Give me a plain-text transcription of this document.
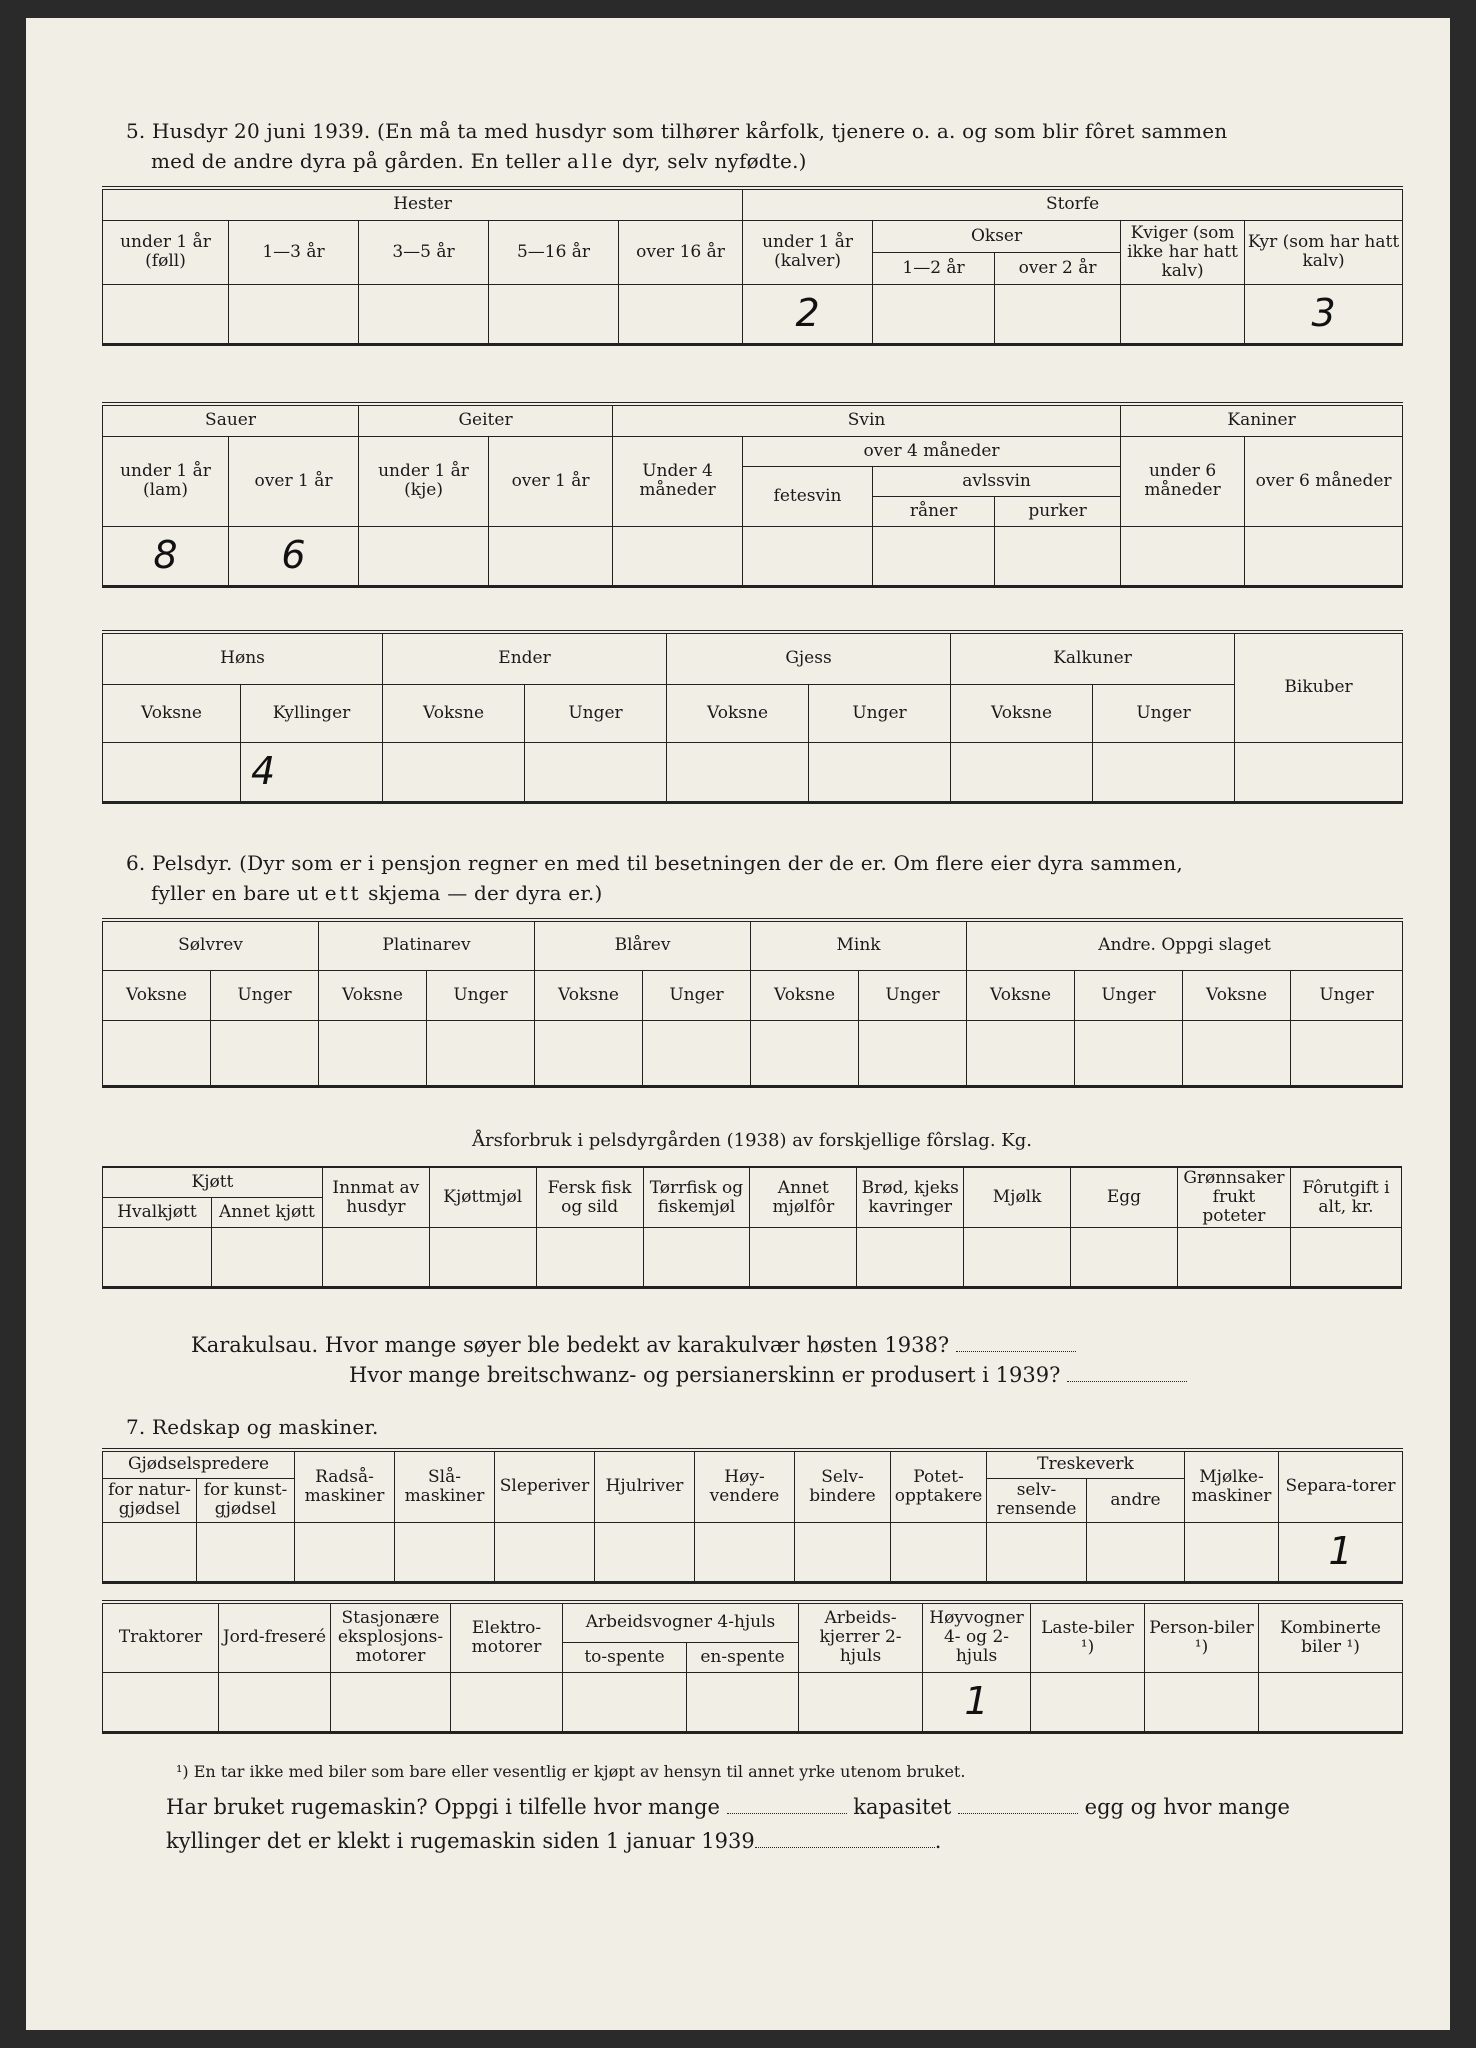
5. Husdyr 20 juni 1939. (En må ta med husdyr som tilhører kårfolk, tjenere o. a. og som blir fôret sammen
med de andre dyra på gården. En teller alle dyr, selv nyfødte.)
Hester					Storfe				
under 1 år (føll)	1—3 år	3—5 år	5—16 år	over 16 år	under 1 år (kalver)	Okser		Kviger (som ikke har hatt kalv)	Kyr (som har hatt kalv)
						1—2 år	over 2 år		
					2				3
Sauer		Geiter		Svin				Kaniner	
under 1 år (lam)	over 1 år	under 1 år (kje)	over 1 år	Under 4 måneder	over 4 måneder			under 6 måneder	over 6 måneder
					fetesvin	avlssvin			
						råner	purker		
8	6								
Høns		Ender		Gjess		Kalkuner		Bikuber
Voksne	Kyllinger	Voksne	Unger	Voksne	Unger	Voksne	Unger	
	4							
6. Pelsdyr. (Dyr som er i pensjon regner en med til besetningen der de er. Om flere eier dyra sammen,
fyller en bare ut ett skjema — der dyra er.)
Sølvrev		Platinarev		Blårev		Mink		Andre. Oppgi slaget			
Voksne	Unger	Voksne	Unger	Voksne	Unger	Voksne	Unger	Voksne	Unger	Voksne	Unger

Årsforbruk i pelsdyrgården (1938) av forskjellige fôrslag. Kg.
Kjøtt		Innmat av husdyr	Kjøttmjøl	Fersk fisk og sild	Tørrfisk og fiskemjøl	Annet mjølfôr	Brød, kjeks kavringer	Mjølk	Egg	Grønnsaker frukt poteter	Fôrutgift i alt, kr.
Hvalkjøtt	Annet kjøtt										

Karakulsau. Hvor mange søyer ble bedekt av karakulvær høsten 1938?
Hvor mange breitschwanz- og persianerskinn er produsert i 1939?
7. Redskap og maskiner.
Gjødselspredere		Radså-maskiner	Slå-maskiner	Sleperiver	Hjulriver	Høy-vendere	Selv-bindere	Potet-opptakere	Treskeverk		Mjølke-maskiner	Separa-torer
for natur-gjødsel	for kunst-gjødsel								selv-rensende	andre		
												1
Traktorer	Jord-freseré	Stasjonære eksplosjons-motorer	Elektro-motorer	Arbeidsvogner 4-hjuls		Arbeids-kjerrer 2-hjuls	Høyvogner 4- og 2-hjuls	Laste-biler ¹)	Person-biler ¹)	Kombinerte biler ¹)
				to-spente	en-spente					
							1			
¹) En tar ikke med biler som bare eller vesentlig er kjøpt av hensyn til annet yrke utenom bruket.
Har bruket rugemaskin? Oppgi i tilfelle hvor mange	kapasitet	egg og hvor mange
kyllinger det er klekt i rugemaskin siden 1 januar 1939	.
